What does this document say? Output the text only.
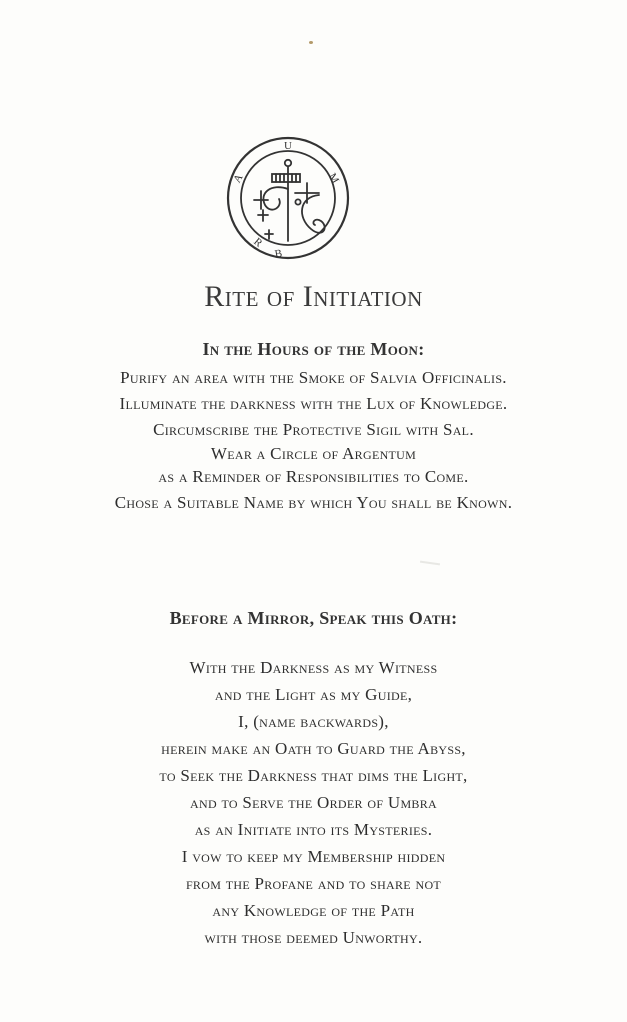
U
M
B
R
A
Rite of Initiation
In the Hours of the Moon:
Purify an area with the Smoke of Salvia Officinalis.
Illuminate the darkness with the Lux of Knowledge.
Circumscribe the Protective Sigil with Sal.
Wear a Circle of Argentum
as a Reminder of Responsibilities to Come.
Chose a Suitable Name by which You shall be Known.
Before a Mirror, Speak this Oath:
With the Darkness as my Witness
and the Light as my Guide,
I, (name backwards),
herein make an Oath to Guard the Abyss,
to Seek the Darkness that dims the Light,
and to Serve the Order of Umbra
as an Initiate into its Mysteries.
I vow to keep my Membership hidden
from the Profane and to share not
any Knowledge of the Path
with those deemed Unworthy.
